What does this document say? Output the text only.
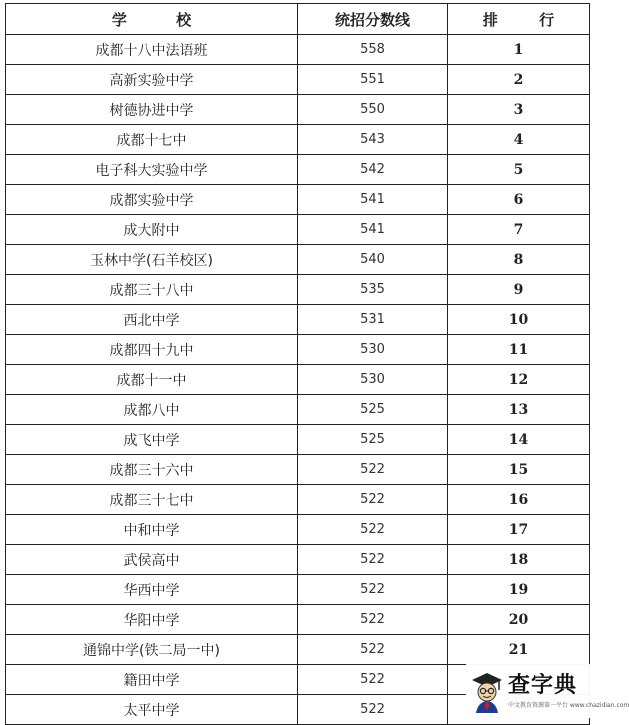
学 校	统招分数线	排 行
成都十八中法语班	558	1
高新实验中学	551	2
树德协进中学	550	3
成都十七中	543	4
电子科大实验中学	542	5
成都实验中学	541	6
成大附中	541	7
玉林中学(石羊校区)	540	8
成都三十八中	535	9
西北中学	531	10
成都四十九中	530	11
成都十一中	530	12
成都八中	525	13
成飞中学	525	14
成都三十六中	522	15
成都三十七中	522	16
中和中学	522	17
武侯高中	522	18
华西中学	522	19
华阳中学	522	20
通锦中学(铁二局一中)	522	21
籍田中学	522	
太平中学	522	
查字典
中文教育资源第一平台 www.chazidian.com
